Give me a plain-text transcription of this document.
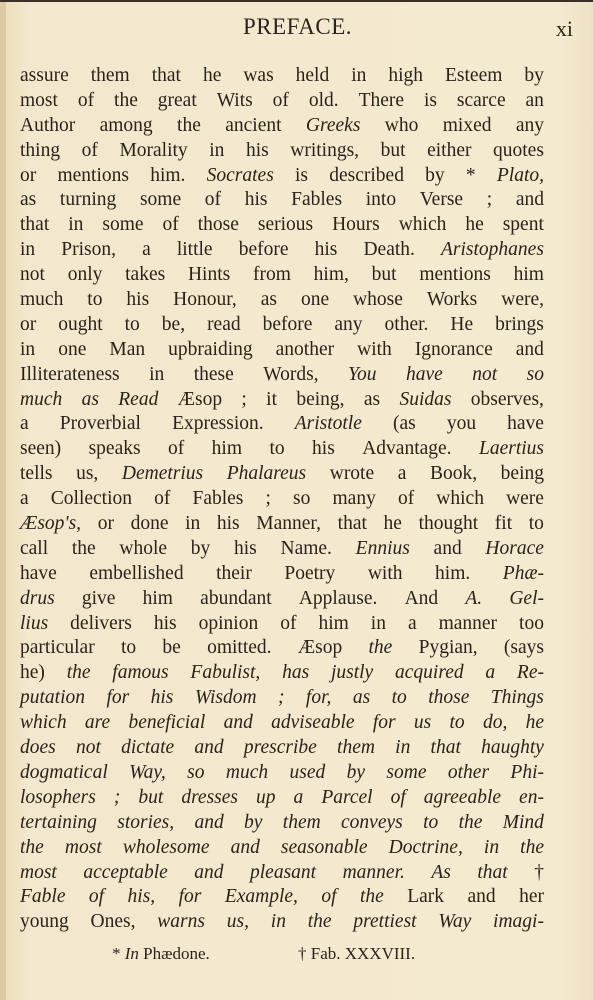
PREFACE.	xi
assure them that he was held in high Esteem by
most of the great Wits of old. There is scarce an
Author among the ancient Greeks who mixed any
thing of Morality in his writings, but either quotes
or mentions him. Socrates is described by * Plato,
as turning some of his Fables into Verse ; and
that in some of those serious Hours which he spent
in Prison, a little before his Death. Aristophanes
not only takes Hints from him, but mentions him
much to his Honour, as one whose Works were,
or ought to be, read before any other. He brings
in one Man upbraiding another with Ignorance and
Illiterateness in these Words, You have not so
much as Read Æsop ; it being, as Suidas observes,
a Proverbial Expression. Aristotle (as you have
seen) speaks of him to his Advantage. Laertius
tells us, Demetrius Phalareus wrote a Book, being
a Collection of Fables ; so many of which were
Æsop's, or done in his Manner, that he thought fit to
call the whole by his Name. Ennius and Horace
have embellished their Poetry with him. Phæ-
drus give him abundant Applause. And A. Gel-
lius delivers his opinion of him in a manner too
particular to be omitted. Æsop the Pygian, (says
he) the famous Fabulist, has justly acquired a Re-
putation for his Wisdom ; for, as to those Things
which are beneficial and adviseable for us to do, he
does not dictate and prescribe them in that haughty
dogmatical Way, so much used by some other Phi-
losophers ; but dresses up a Parcel of agreeable en-
tertaining stories, and by them conveys to the Mind
the most wholesome and seasonable Doctrine, in the
most acceptable and pleasant manner. As that †
Fable of his, for Example, of the Lark and her
young Ones, warns us, in the prettiest Way imagi-
* In Phædone.	† Fab. XXXVIII.
